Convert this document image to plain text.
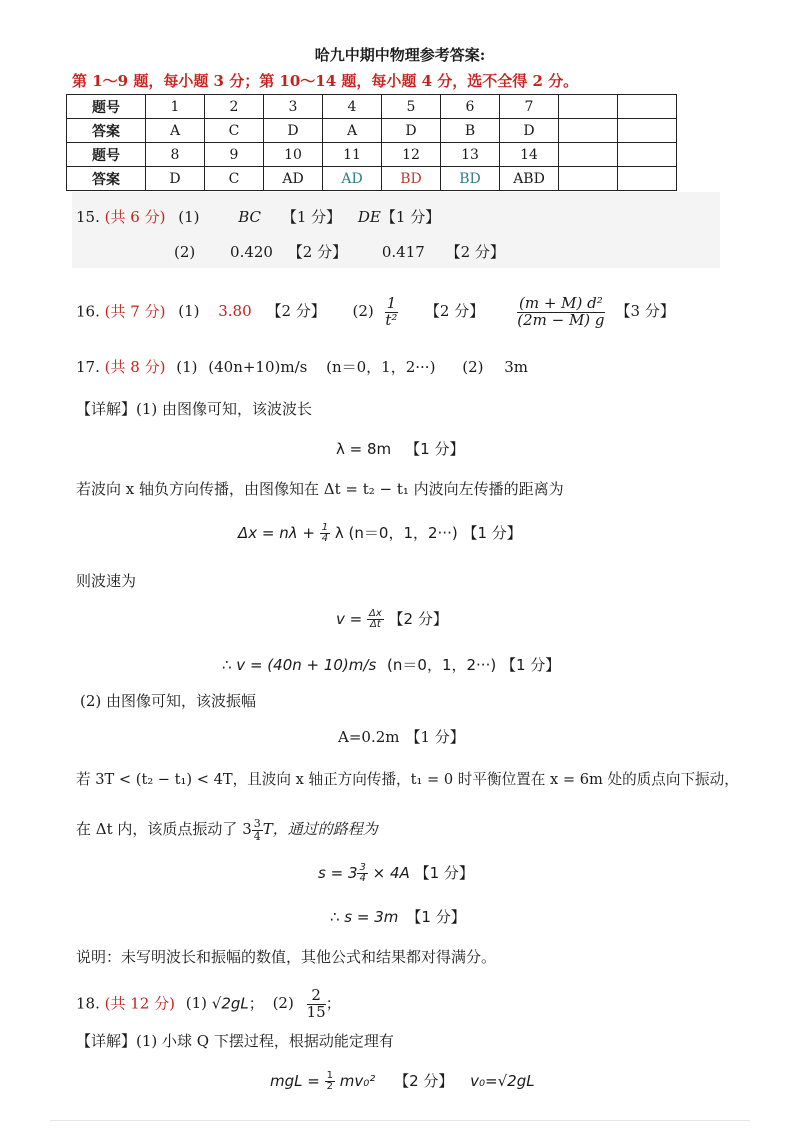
哈九中期中物理参考答案:
第 1～9 题，每小题 3 分；第 10～14 题，每小题 4 分，选不全得 2 分。
题号	1	2	3	4	5	6	7		
答案	A	C	D	A	D	B	D		
题号	8	9	10	11	12	13	14		
答案	D	C	AD	AD	BD	BD	ABD		
15. (共 6 分) (1)	BC 【1 分】 DE【1 分】
(2) 0.420 【2 分】 0.417 【2 分】
16. (共 7 分) (1) 3.80 【2 分】 $(2) \frac{1}{\text{t²}}$ 【2 分】 $\frac{\text{(m + M) d²}}{(2m - M) g}$ 【3 分】
17. (共 8 分) (1) (40n+10)m/s (n＝0，1，2···) (2) 3m
【详解】(1) 由图像可知，该波波长
λ = 8m 【1 分】
若波向 x 轴负方向传播，由图像知在 Δt = t₂ − t₁ 内波向左传播的距离为
$\Delta x = n\lambda + \frac{1}{4}$ λ (n＝0，1，2···) 【1 分】
则波速为
$v = \frac{\Delta x}{\Delta t}$ 【2 分】
∴ v = (40n + 10)m/s (n＝0，1，2···) 【1 分】
(2) 由图像可知，该波振幅
A=0.2m 【1 分】
若 3T < (t₂ − t₁) < 4T，且波向 x 轴正方向传播，t₁ = 0 时平衡位置在 x = 6m 处的质点向下振动，
在 Δt 内，该质点振动了 $3 \frac{3}{4}$ T，通过的路程为
$s = 3 \frac{3}{4} \times 4A$ 【1 分】
∴ s = 3m 【1 分】
说明：未写明波长和振幅的数值，其他公式和结果都对得满分。
18. (共 12 分) (1) √2gL； $(2) \frac{2}{15}$ ；
【详解】(1) 小球 Q 下摆过程，根据动能定理有
mgL = $\frac{1}{2} mv_0^2$ 【2 分】 v₀=√2gL
